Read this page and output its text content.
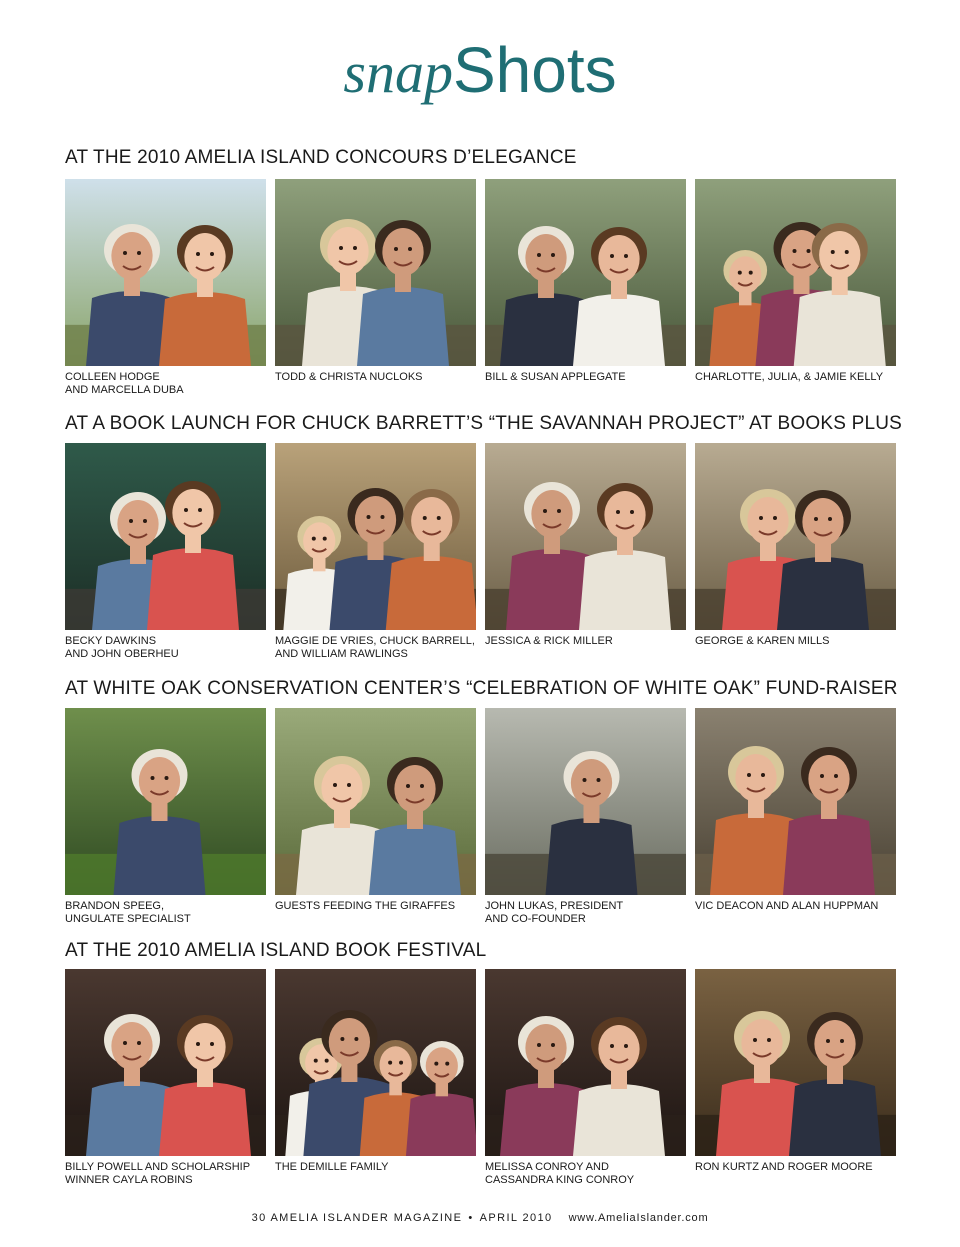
snapShots
AT THE 2010 AMELIA ISLAND CONCOURS D’ELEGANCE
COLLEEN HODGE
AND MARCELLA DUBA
TODD & CHRISTA NUCLOKS	BILL & SUSAN APPLEGATE	CHARLOTTE, JULIA, & JAMIE KELLY
AT A BOOK LAUNCH FOR CHUCK BARRETT’S “THE SAVANNAH PROJECT” AT BOOKS PLUS
BECKY DAWKINS
AND JOHN OBERHEU
MAGGIE DE VRIES, CHUCK BARRELL,
AND WILLIAM RAWLINGS
JESSICA & RICK MILLER	GEORGE & KAREN MILLS
AT WHITE OAK CONSERVATION CENTER’S “CELEBRATION OF WHITE OAK” FUND-RAISER
BRANDON SPEEG,
UNGULATE SPECIALIST
GUESTS FEEDING THE GIRAFFES	JOHN LUKAS, PRESIDENT
AND CO-FOUNDER
VIC DEACON AND ALAN HUPPMAN
AT THE 2010 AMELIA ISLAND BOOK FESTIVAL
BILLY POWELL AND SCHOLARSHIP
WINNER CAYLA ROBINS
THE DEMILLE FAMILY	MELISSA CONROY AND
CASSANDRA KING CONROY
RON KURTZ AND ROGER MOORE
30 AMELIA ISLANDER MAGAZINE • APRIL 2010 www.AmeliaIslander.com
